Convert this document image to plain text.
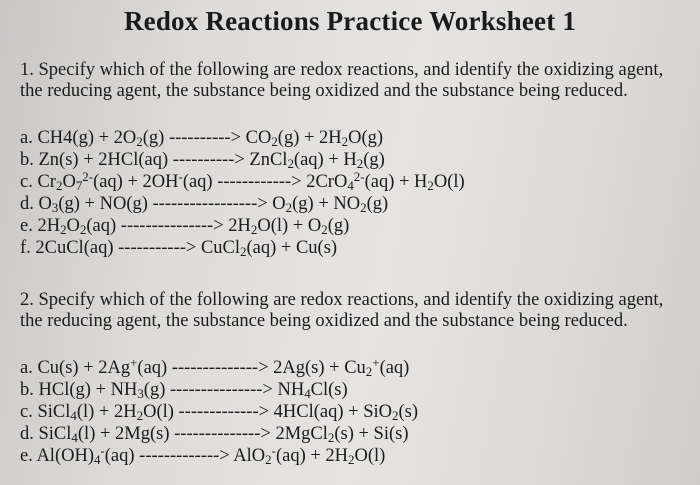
Redox Reactions Practice Worksheet 1
1. Specify which of the following are redox reactions, and identify the oxidizing agent, the reducing agent, the substance being oxidized and the substance being reduced.
a. $CH4(g) + 2O_2(g)$ ----------> $CO_2(g) + 2H_2O(g)$
b. Zn(s) + 2HCl(aq) ----------> ZnCl$_2$(aq) + $H_2(g)$
c. $Cr_2O_7^{2-}(aq) + 2OH^-(aq)$ ------------> $2CrO_4^{2-}(aq) + H_2O(l)$
d. $O_3(g) + NO(g)$ -----------------> $O_2(g) + NO_2(g)$
e. $2H_2O_2(aq)$ ---------------> $2H_2O(l) + O_2(g)$
f. 2CuCl(aq) -----------> CuCl$_2$(aq) + Cu(s)
2. Specify which of the following are redox reactions, and identify the oxidizing agent, the reducing agent, the substance being oxidized and the substance being reduced.
a. Cu(s) + 2Ag+(aq) --------------> $2Ag(s) + Cu_2^+(aq)$
b. $HCl(g) + NH_3(g)$ ---------------> $NH_4Cl(s)$
c. SiCl$_4$(l) + $2H_2O(l)$ -------------> 4HCl(aq) + SiO$_2$(s)
d. SiCl$_4$(l) + 2Mg(s) --------------> 2MgCl$_2$(s) + Si(s)
e. $Al(OH)_4^-(aq)$ -------------> $AlO_2^-(aq) + 2H_2O(l)$
